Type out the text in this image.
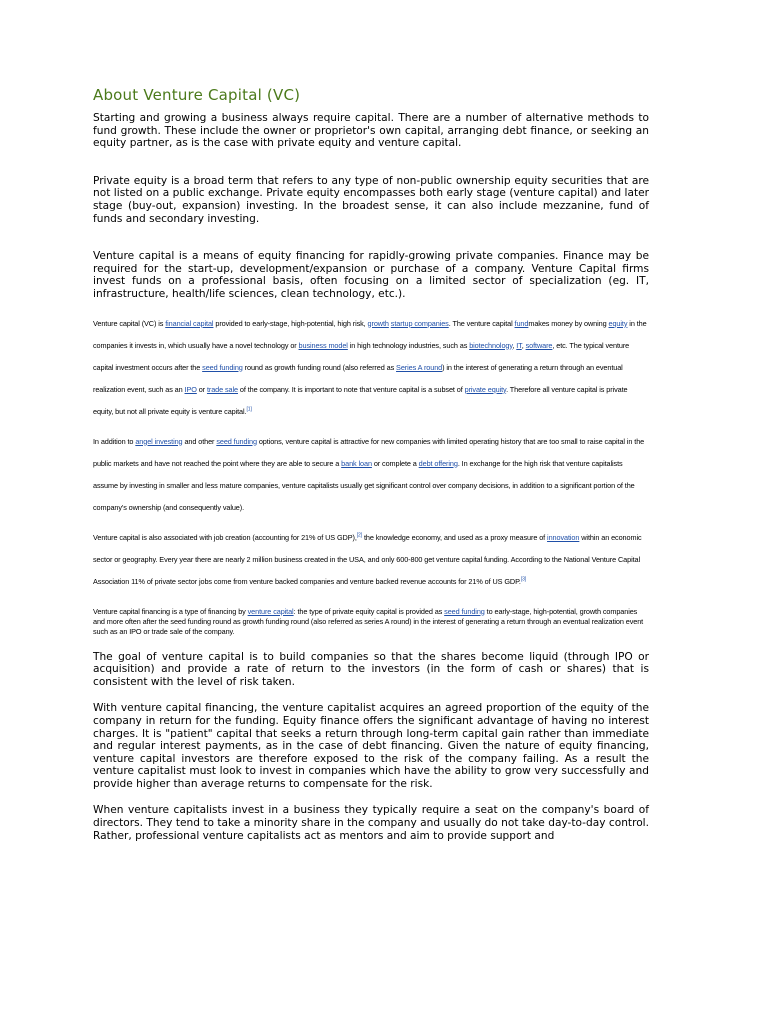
About Venture Capital (VC)

Starting and growing a business always require capital. There are a number of alternative methods to fund growth. These include the owner or proprietor's own capital, arranging debt finance, or seeking an equity partner, as is the case with private equity and venture capital.

Private equity is a broad term that refers to any type of non-public ownership equity securities that are not listed on a public exchange. Private equity encompasses both early stage (venture capital) and later stage (buy-out, expansion) investing. In the broadest sense, it can also include mezzanine, fund of funds and secondary investing.

Venture capital is a means of equity financing for rapidly-growing private companies. Finance may be required for the start-up, development/expansion or purchase of a company. Venture Capital firms invest funds on a professional basis, often focusing on a limited sector of specialization (eg. IT, infrastructure, health/life sciences, clean technology, etc.).

Venture capital (VC) is financial capital provided to early-stage, high-potential, high risk, growth startup companies. The venture capital fundmakes money by owning equity in the companies it invests in, which usually have a novel technology or business model in high technology industries, such as biotechnology, IT, software, etc. The typical venture capital investment occurs after the seed funding round as growth funding round (also referred as Series A round) in the interest of generating a return through an eventual realization event, such as an IPO or trade sale of the company. It is important to note that venture capital is a subset of private equity. Therefore all venture capital is private equity, but not all private equity is venture capital.[1]

In addition to angel investing and other seed funding options, venture capital is attractive for new companies with limited operating history that are too small to raise capital in the public markets and have not reached the point where they are able to secure a bank loan or complete a debt offering. In exchange for the high risk that venture capitalists assume by investing in smaller and less mature companies, venture capitalists usually get significant control over company decisions, in addition to a significant portion of the company's ownership (and consequently value).

Venture capital is also associated with job creation (accounting for 21% of US GDP),[2] the knowledge economy, and used as a proxy measure of innovation within an economic sector or geography. Every year there are nearly 2 million business created in the USA, and only 600-800 get venture capital funding. According to the National Venture Capital Association 11% of private sector jobs come from venture backed companies and venture backed revenue accounts for 21% of US GDP.[3]

Venture capital financing is a type of financing by venture capital: the type of private equity capital is provided as seed funding to early-stage, high-potential, growth companies and more often after the seed funding round as growth funding round (also referred as series A round) in the interest of generating a return through an eventual realization event such as an IPO or trade sale of the company.

The goal of venture capital is to build companies so that the shares become liquid (through IPO or acquisition) and provide a rate of return to the investors (in the form of cash or shares) that is consistent with the level of risk taken.

With venture capital financing, the venture capitalist acquires an agreed proportion of the equity of the company in return for the funding. Equity finance offers the significant advantage of having no interest charges. It is "patient" capital that seeks a return through long-term capital gain rather than immediate and regular interest payments, as in the case of debt financing. Given the nature of equity financing, venture capital investors are therefore exposed to the risk of the company failing. As a result the venture capitalist must look to invest in companies which have the ability to grow very successfully and provide higher than average returns to compensate for the risk.

When venture capitalists invest in a business they typically require a seat on the company's board of directors. They tend to take a minority share in the company and usually do not take day-to-day control. Rather, professional venture capitalists act as mentors and aim to provide support and
